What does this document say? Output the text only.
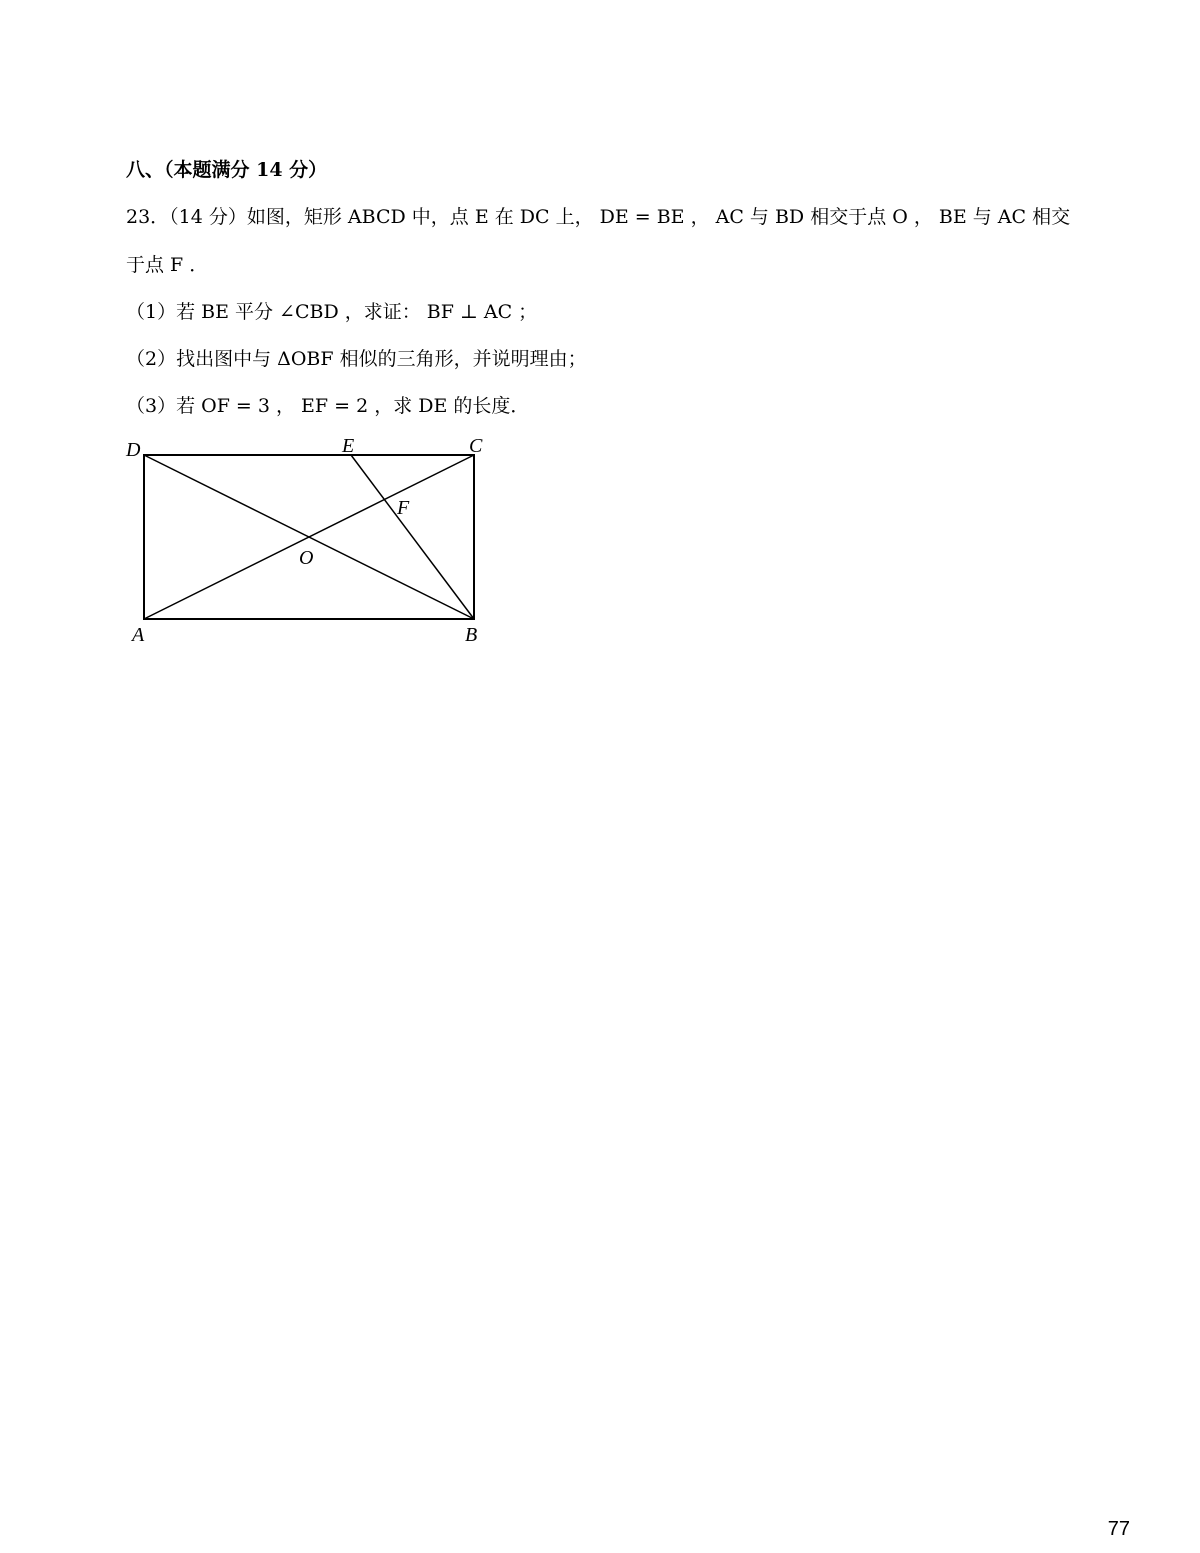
八、（本题满分 14 分）
23．（14 分）如图，矩形 ABCD 中，点 E 在 DC 上， DE = BE ， AC 与 BD 相交于点 O ， BE 与 AC 相交
于点 F ．
（1）若 BE 平分 ∠CBD ，求证： BF ⊥ AC ；
（2）找出图中与 ΔOBF 相似的三角形，并说明理由；
（3）若 OF = 3 ， EF = 2 ，求 DE 的长度．
D	E	C
F
O
A	B
77
